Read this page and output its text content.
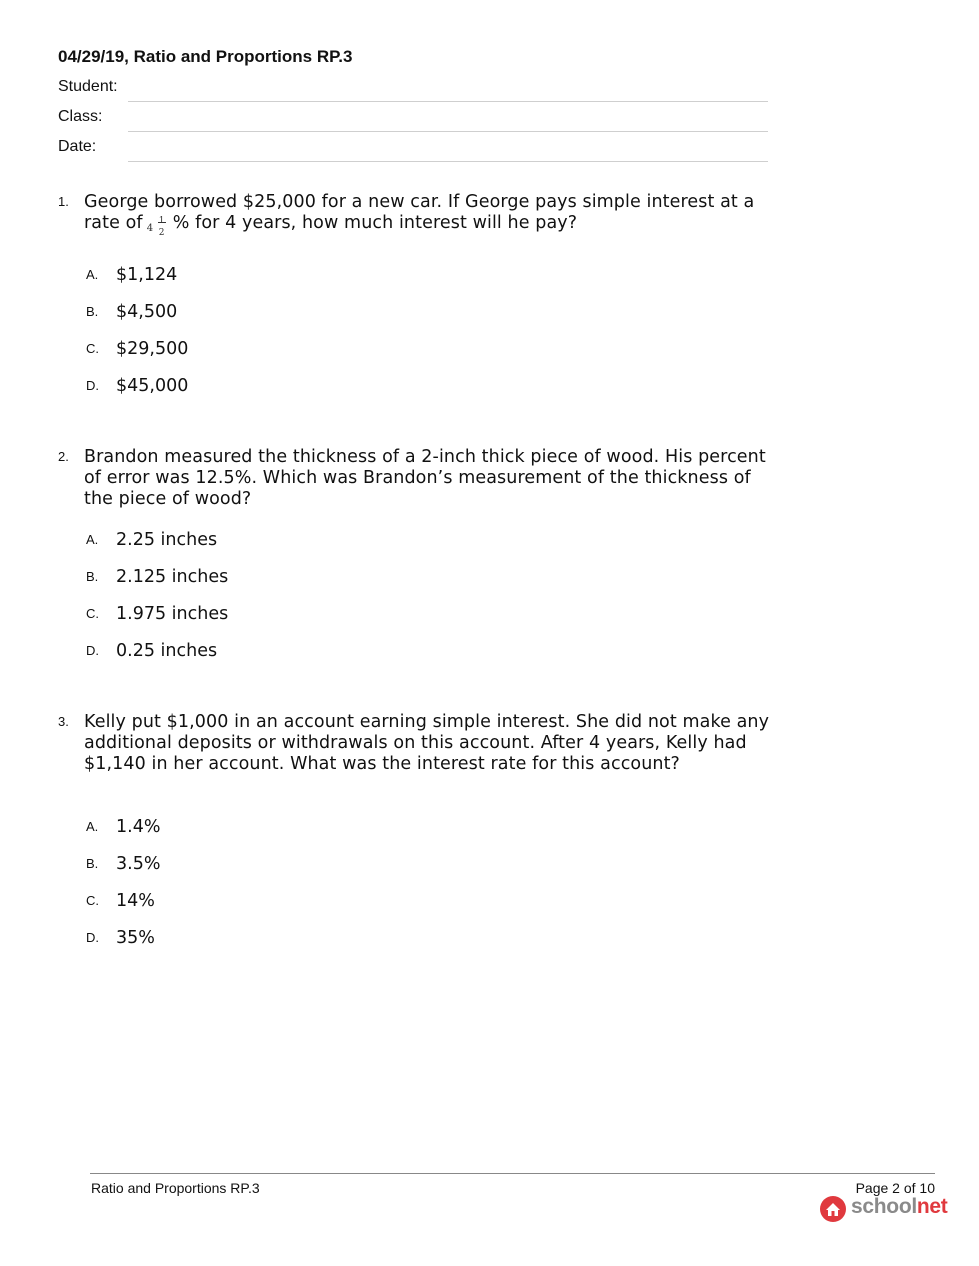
04/29/19, Ratio and Proportions RP.3
Student:
Class:
Date:
1. George borrowed $25,000 for a new car. If George pays simple interest at a rate of 4
1
2 % for 4 years, how much interest will he pay?
A. $1,124
B. $4,500
C. $29,500
D. $45,000
2. Brandon measured the thickness of a 2-inch thick piece of wood. His percent of error was 12.5%. Which was Brandon’s measurement of the thickness of the piece of wood?
A. 2.25 inches
B. 2.125 inches
C. 1.975 inches
D. 0.25 inches
3. Kelly put $1,000 in an account earning simple interest. She did not make any additional deposits or withdrawals on this account. After 4 years, Kelly had $1,140 in her account. What was the interest rate for this account?
A. 1.4%
B. 3.5%
C. 14%
D. 35%
Ratio and Proportions RP.3	Page 2 of 10
schoolnet
